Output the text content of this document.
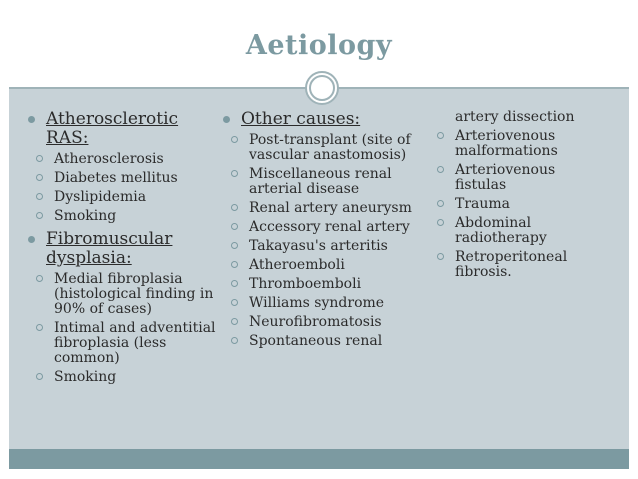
Aetiology
Atherosclerotic RAS:
Atherosclerosis
Diabetes mellitus
Dyslipidemia
Smoking
Fibromuscular dysplasia:
Medial fibroplasia (histological finding in 90% of cases)
Intimal and adventitial fibroplasia (less common)
Smoking
Other causes:
Post-transplant (site of vascular anastomosis)
Miscellaneous renal arterial disease
Renal artery aneurysm
Accessory renal artery
Takayasu's arteritis
Atheroemboli
Thromboemboli
Williams syndrome
Neurofibromatosis
Spontaneous renal
artery dissection
Arteriovenous malformations
Arteriovenous fistulas
Trauma
Abdominal radiotherapy
Retroperitoneal fibrosis.
